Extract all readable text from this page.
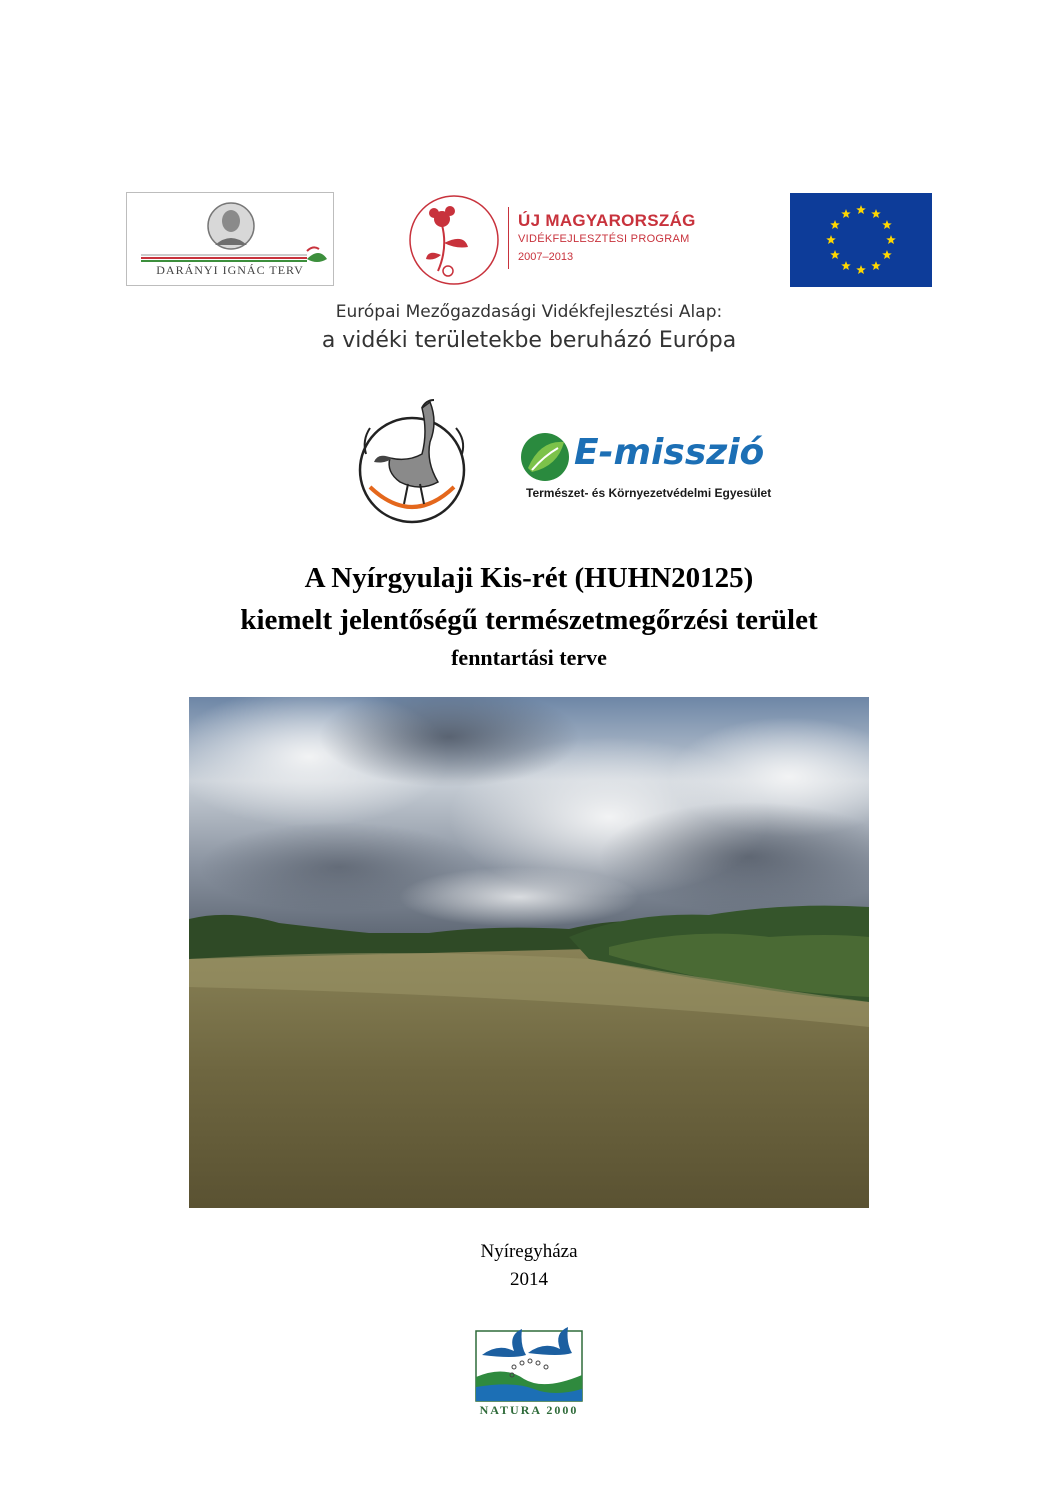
DARÁNYI IGNÁC TERV
ÚJ MAGYARORSZÁG
VIDÉKFEJLESZTÉSI PROGRAM
2007–2013
Európai Mezőgazdasági Vidékfejlesztési Alap:
a vidéki területekbe beruházó Európa
E-misszió
Természet- és Környezetvédelmi Egyesület
A Nyírgyulaji Kis-rét (HUHN20125)
kiemelt jelentőségű természetmegőrzési terület
fenntartási terve
Nyíregyháza
2014
NATURA 2000
